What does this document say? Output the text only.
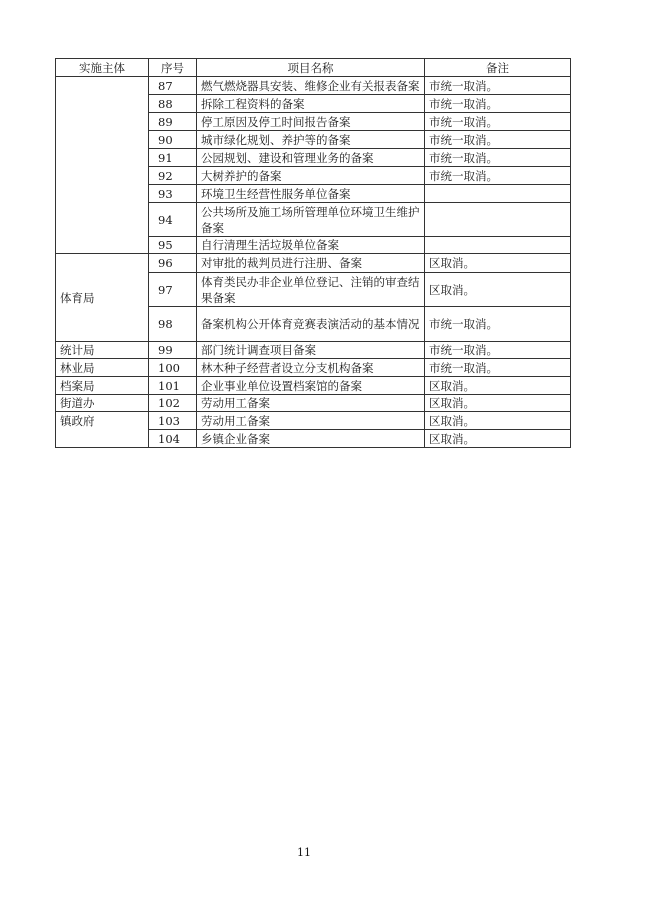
实施主体	序号	项目名称	备注
	87	燃气燃烧器具安装、维修企业有关报表备案	市统一取消。
	88	拆除工程资料的备案	市统一取消。
	89	停工原因及停工时间报告备案	市统一取消。
	90	城市绿化规划、养护等的备案	市统一取消。
	91	公园规划、建设和管理业务的备案	市统一取消。
	92	大树养护的备案	市统一取消。
	93	环境卫生经营性服务单位备案	
	94	公共场所及施工场所管理单位环境卫生维护备案	
	95	自行清理生活垃圾单位备案	
体育局	96	对审批的裁判员进行注册、备案	区取消。
	97	体育类民办非企业单位登记、注销的审查结果备案	区取消。
	98	备案机构公开体育竞赛表演活动的基本情况	市统一取消。
统计局	99	部门统计调查项目备案	市统一取消。
林业局	100	林木种子经营者设立分支机构备案	市统一取消。
档案局	101	企业事业单位设置档案馆的备案	区取消。
街道办	102	劳动用工备案	区取消。
镇政府	103	劳动用工备案	区取消。
	104	乡镇企业备案	区取消。
11
